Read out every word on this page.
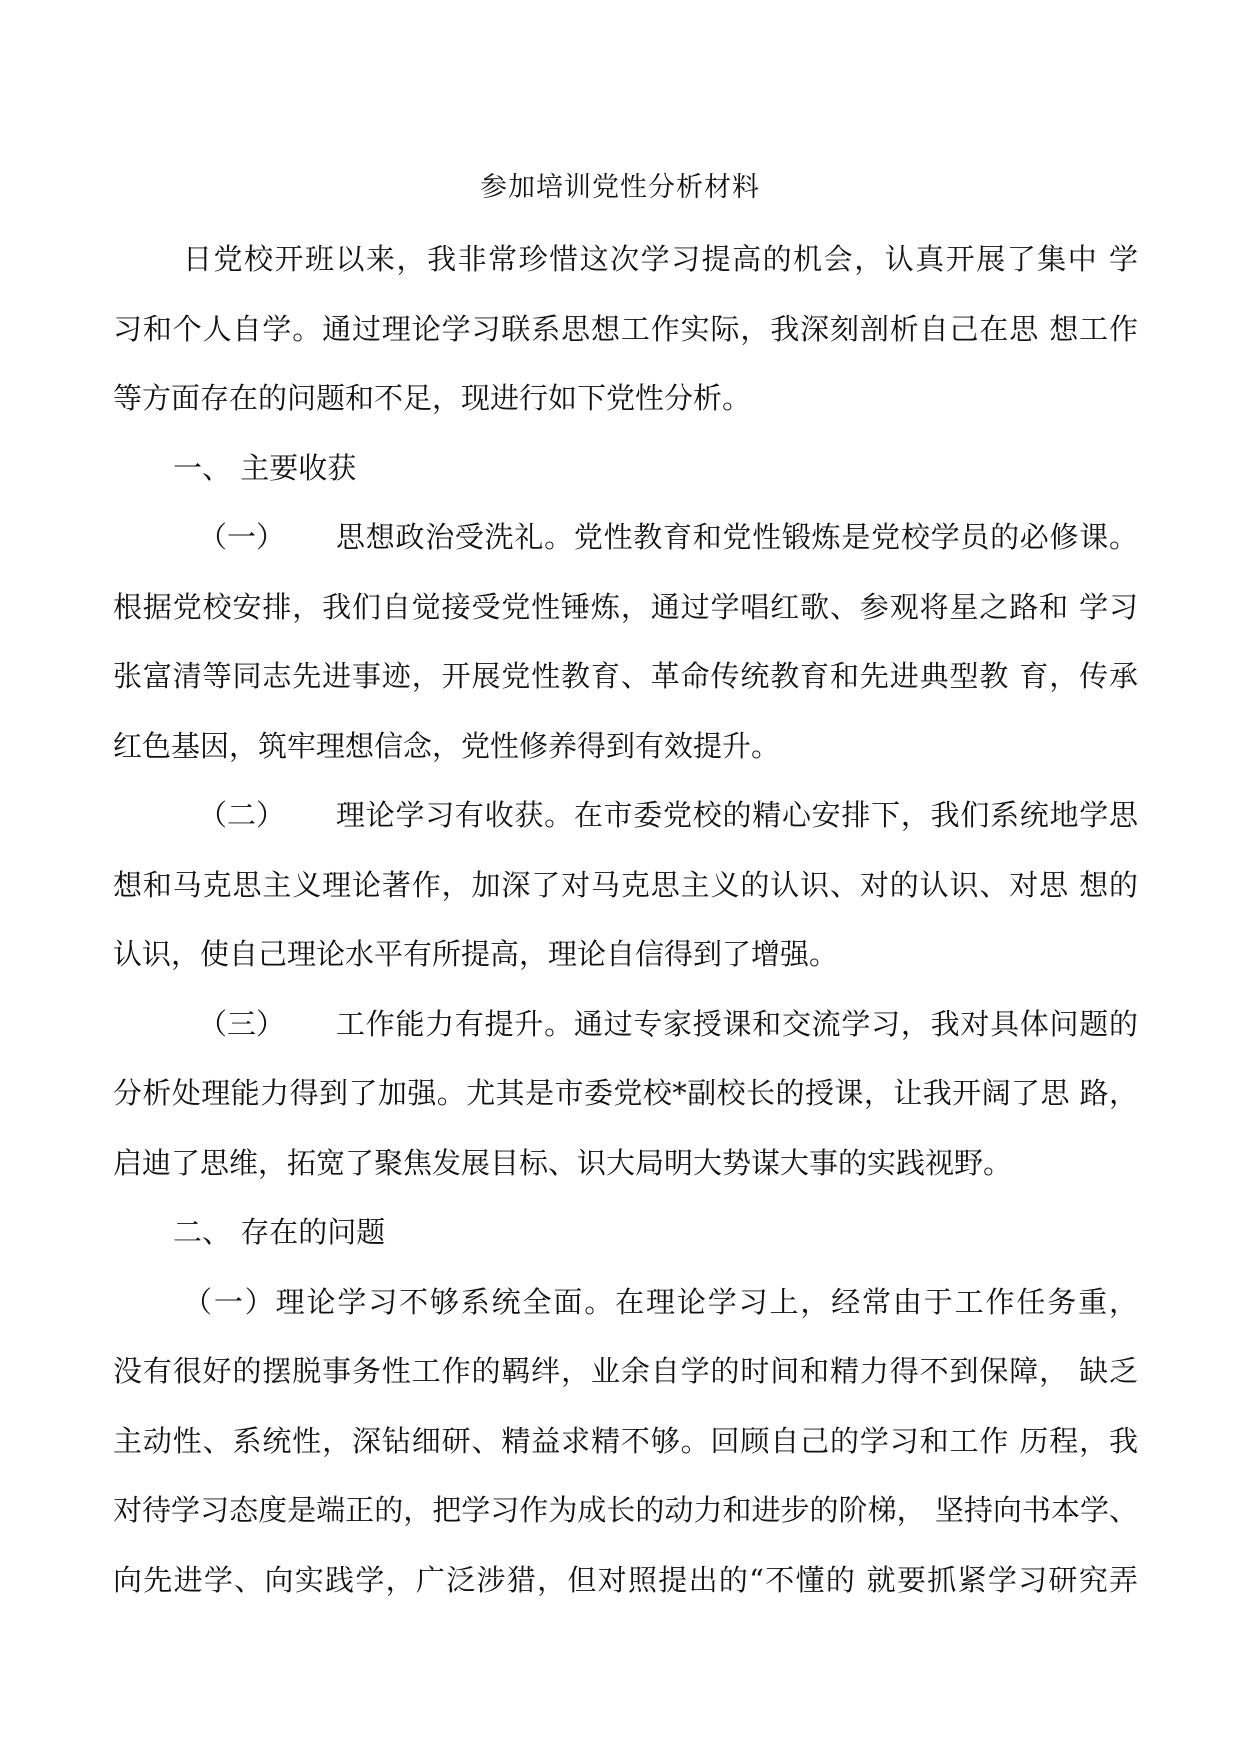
参加培训党性分析材料
日党校开班以来，我非常珍惜这次学习提高的机会，认真开展了集中 学
习和个人自学。通过理论学习联系思想工作实际，我深刻剖析自己在思 想工作
等方面存在的问题和不足，现进行如下党性分析。
一、 主要收获
（一） 思想政治受洗礼。党性教育和党性锻炼是党校学员的必修课。
根据党校安排，我们自觉接受党性锤炼，通过学唱红歌、参观将星之路和 学习
张富清等同志先进事迹，开展党性教育、革命传统教育和先进典型教 育，传承
红色基因，筑牢理想信念，党性修养得到有效提升。
（二） 理论学习有收获。在市委党校的精心安排下，我们系统地学思
想和马克思主义理论著作，加深了对马克思主义的认识、对的认识、对思 想的
认识，使自己理论水平有所提高，理论自信得到了增强。
（三） 工作能力有提升。通过专家授课和交流学习，我对具体问题的
分析处理能力得到了加强。尤其是市委党校*副校长的授课，让我开阔了思 路，
启迪了思维，拓宽了聚焦发展目标、识大局明大势谋大事的实践视野。
二、 存在的问题
（一）理论学习不够系统全面。在理论学习上，经常由于工作任务重，
没有很好的摆脱事务性工作的羁绊，业余自学的时间和精力得不到保障， 缺乏
主动性、系统性，深钻细研、精益求精不够。回顾自己的学习和工作 历程，我
对待学习态度是端正的，把学习作为成长的动力和进步的阶梯， 坚持向书本学、
向先进学、向实践学，广泛涉猎，但对照提出的“不懂的 就要抓紧学习研究弄
